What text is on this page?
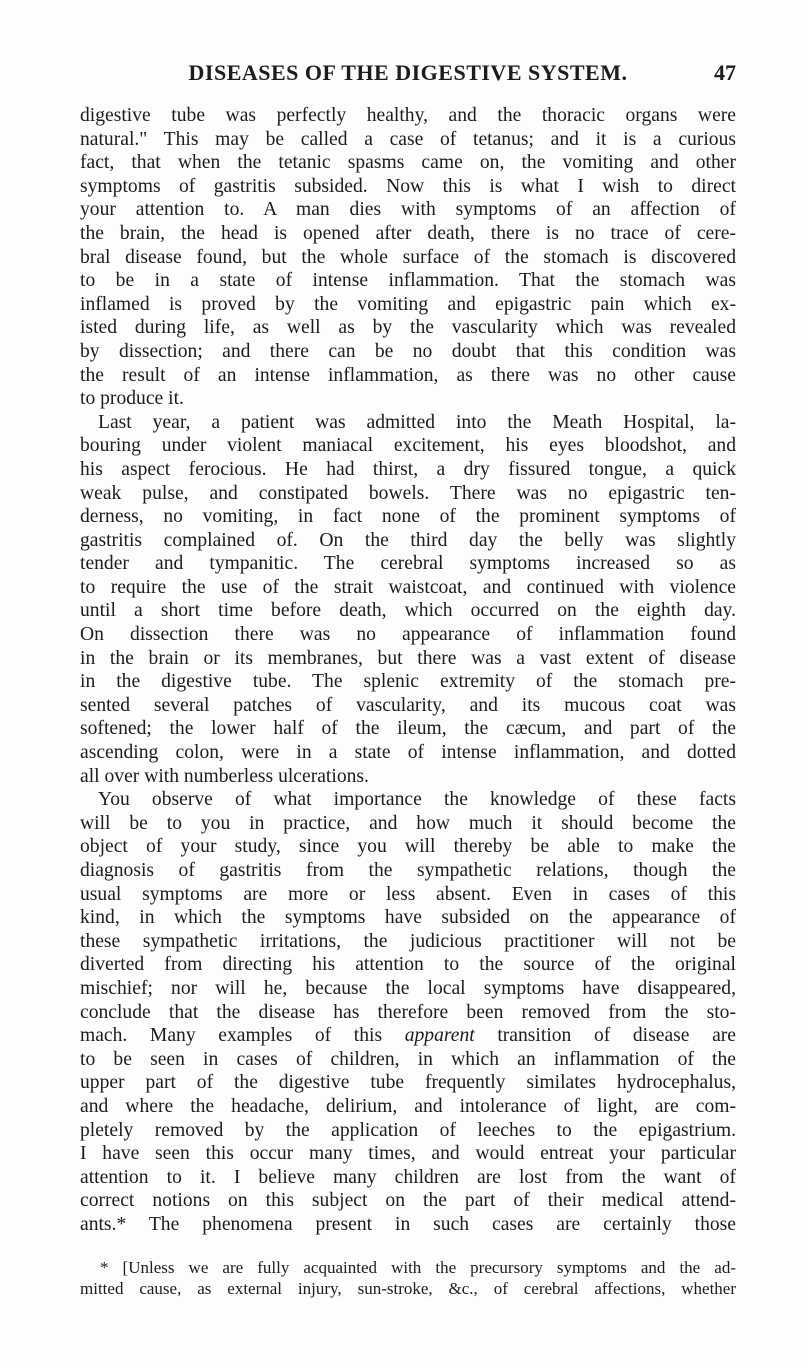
DISEASES OF THE DIGESTIVE SYSTEM.	47
digestive tube was perfectly healthy, and the thoracic organs were
natural." This may be called a case of tetanus; and it is a curious
fact, that when the tetanic spasms came on, the vomiting and other
symptoms of gastritis subsided. Now this is what I wish to direct
your attention to. A man dies with symptoms of an affection of
the brain, the head is opened after death, there is no trace of cere-
bral disease found, but the whole surface of the stomach is discovered
to be in a state of intense inflammation. That the stomach was
inflamed is proved by the vomiting and epigastric pain which ex-
isted during life, as well as by the vascularity which was revealed
by dissection; and there can be no doubt that this condition was
the result of an intense inflammation, as there was no other cause
to produce it.
Last year, a patient was admitted into the Meath Hospital, la-
bouring under violent maniacal excitement, his eyes bloodshot, and
his aspect ferocious. He had thirst, a dry fissured tongue, a quick
weak pulse, and constipated bowels. There was no epigastric ten-
derness, no vomiting, in fact none of the prominent symptoms of
gastritis complained of. On the third day the belly was slightly
tender and tympanitic. The cerebral symptoms increased so as
to require the use of the strait waistcoat, and continued with violence
until a short time before death, which occurred on the eighth day.
On dissection there was no appearance of inflammation found
in the brain or its membranes, but there was a vast extent of disease
in the digestive tube. The splenic extremity of the stomach pre-
sented several patches of vascularity, and its mucous coat was
softened; the lower half of the ileum, the cæcum, and part of the
ascending colon, were in a state of intense inflammation, and dotted
all over with numberless ulcerations.
You observe of what importance the knowledge of these facts
will be to you in practice, and how much it should become the
object of your study, since you will thereby be able to make the
diagnosis of gastritis from the sympathetic relations, though the
usual symptoms are more or less absent. Even in cases of this
kind, in which the symptoms have subsided on the appearance of
these sympathetic irritations, the judicious practitioner will not be
diverted from directing his attention to the source of the original
mischief; nor will he, because the local symptoms have disappeared,
conclude that the disease has therefore been removed from the sto-
mach. Many examples of this apparent transition of disease are
to be seen in cases of children, in which an inflammation of the
upper part of the digestive tube frequently similates hydrocephalus,
and where the headache, delirium, and intolerance of light, are com-
pletely removed by the application of leeches to the epigastrium.
I have seen this occur many times, and would entreat your particular
attention to it. I believe many children are lost from the want of
correct notions on this subject on the part of their medical attend-
ants.* The phenomena present in such cases are certainly those
* [Unless we are fully acquainted with the precursory symptoms and the ad-
mitted cause, as external injury, sun-stroke, &c., of cerebral affections, whether
